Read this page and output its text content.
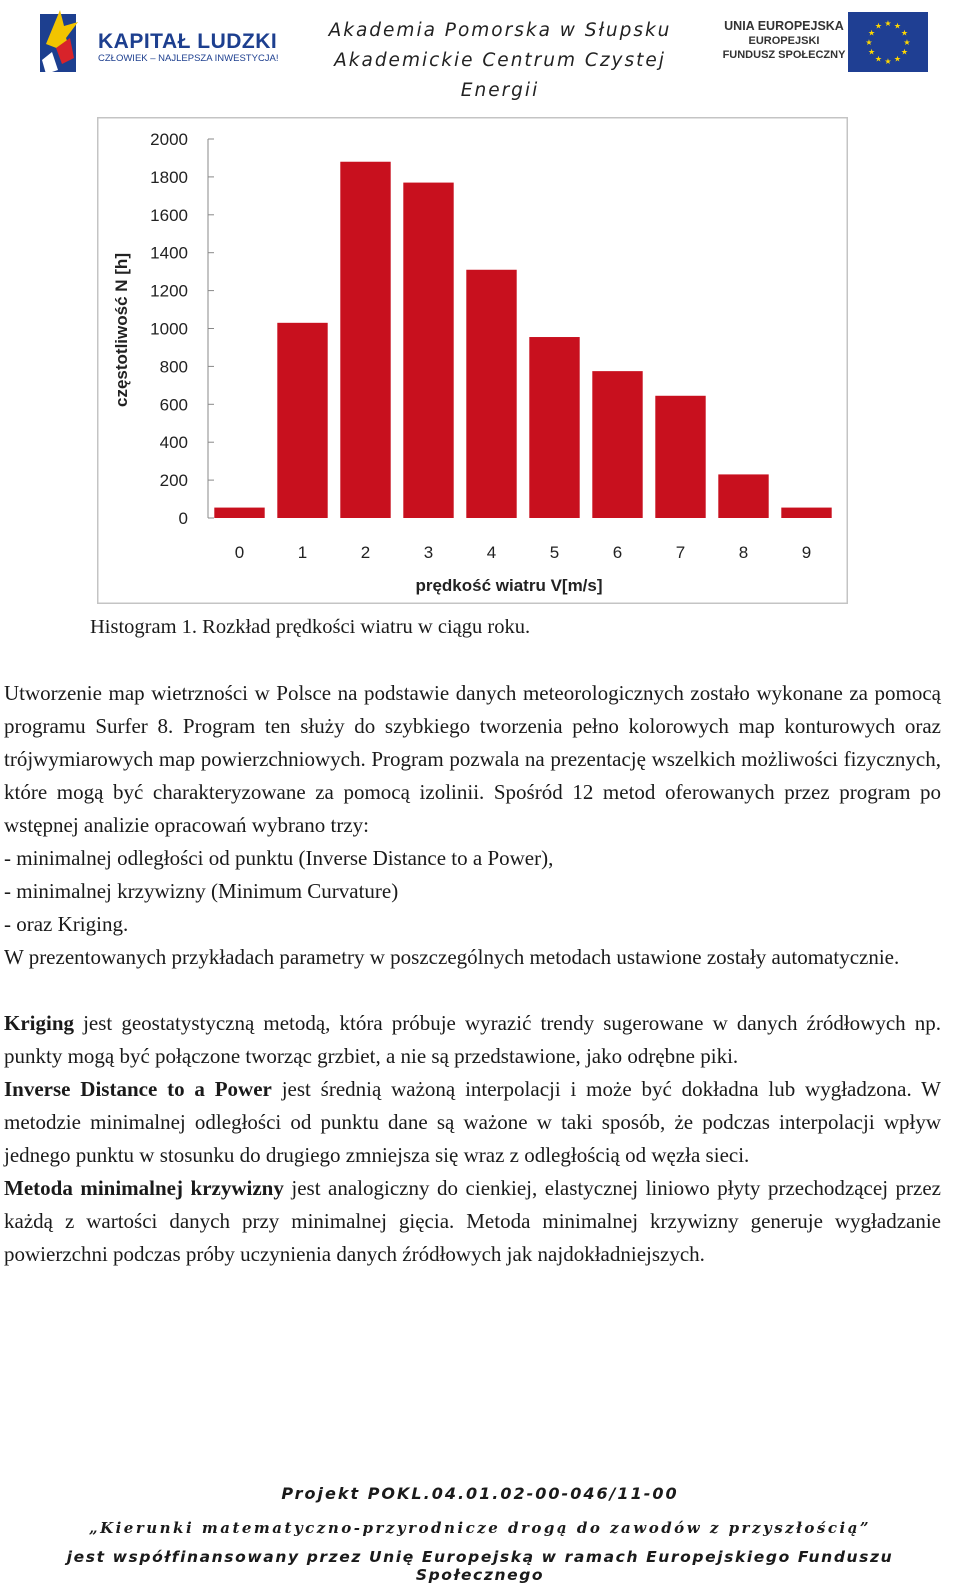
KAPITAŁ LUDZKI
CZŁOWIEK – NAJLEPSZA INWESTYCJA!
Akademia Pomorska w Słupsku
Akademickie Centrum Czystej Energii
UNIA EUROPEJSKA
EUROPEJSKI
FUNDUSZ SPOŁECZNY
★ ★
★
★
★
★
★
★
★
★
★
★
0
200
400
600
800
1000
1200
1400
1600
1800
2000
0	1	2	3	4	5	6	7	8	9
częstotliwość N [h]
prędkość wiatru V[m/s]
Histogram 1. Rozkład prędkości wiatru w ciągu roku.

Utworzenie map wietrzności w Polsce na podstawie danych meteorologicznych zostało wykonane za pomocą programu Surfer 8. Program ten służy do szybkiego tworzenia pełno kolorowych map konturowych oraz trójwymiarowych map powierzchniowych. Program pozwala na prezentację wszelkich możliwości fizycznych, które mogą być charakteryzowane za pomocą izolinii. Spośród 12 metod oferowanych przez program po wstępnej analizie opracowań wybrano trzy:

- minimalnej odległości od punktu (Inverse Distance to a Power),

- minimalnej krzywizny (Minimum Curvature)

- oraz Kriging.

W prezentowanych przykładach parametry w poszczególnych metodach ustawione zostały automatycznie.

Kriging jest geostatystyczną metodą, która próbuje wyrazić trendy sugerowane w danych źródłowych np. punkty mogą być połączone tworząc grzbiet, a nie są przedstawione, jako odrębne piki.

Inverse Distance to a Power jest średnią ważoną interpolacji i może być dokładna lub wygładzona. W metodzie minimalnej odległości od punktu dane są ważone w taki sposób, że podczas interpolacji wpływ jednego punktu w stosunku do drugiego zmniejsza się wraz z odległością od węzła sieci.

Metoda minimalnej krzywizny jest analogiczny do cienkiej, elastycznej liniowo płyty przechodzącej przez każdą z wartości danych przy minimalnej gięcia. Metoda minimalnej krzywizny generuje wygładzanie powierzchni podczas próby uczynienia danych źródłowych jak najdokładniejszych.

Projekt POKL.04.01.02-00-046/11-00
„Kierunki matematyczno-przyrodnicze drogą do zawodów z przyszłością”
jest współfinansowany przez Unię Europejską w ramach Europejskiego Funduszu Społecznego
